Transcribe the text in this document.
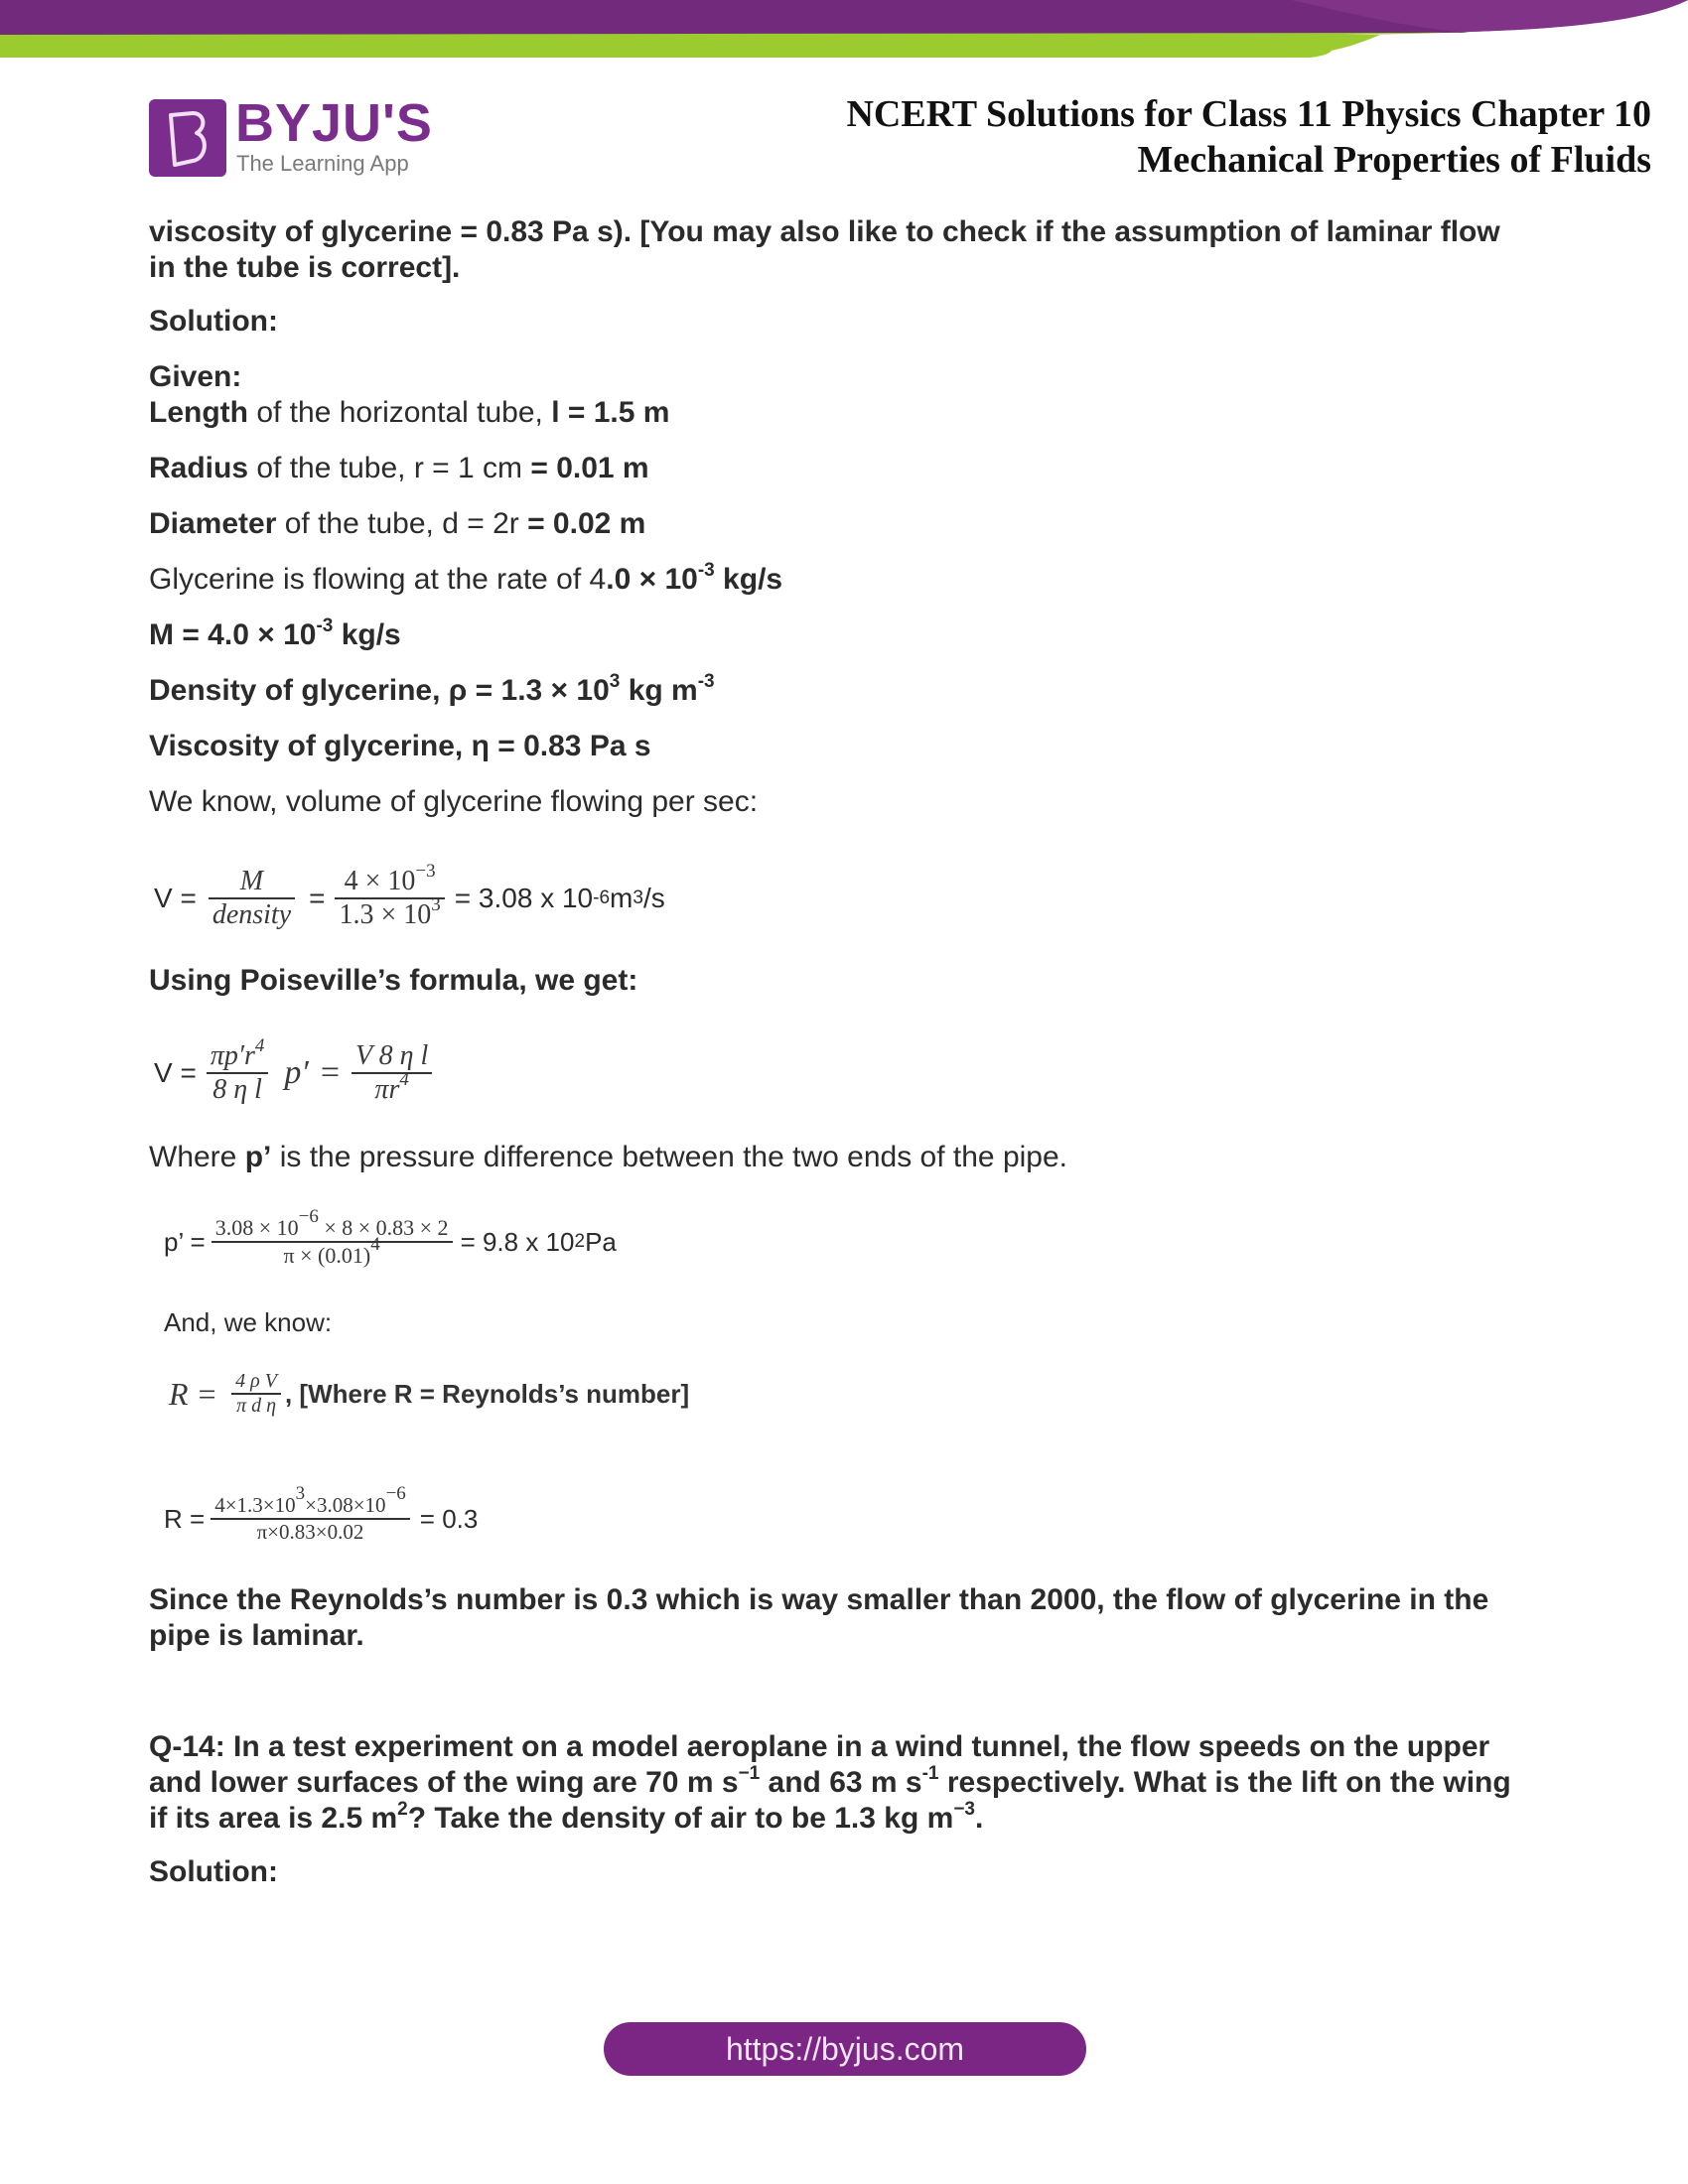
BYJU'S
The Learning App
NCERT Solutions for Class 11 Physics Chapter 10
Mechanical Properties of Fluids
viscosity of glycerine = 0.83 Pa s). [You may also like to check if the assumption of laminar flow
in the tube is correct].
Solution:
Given:
Length of the horizontal tube, l = 1.5 m
Radius of the tube, r = 1 cm = 0.01 m
Diameter of the tube, d = 2r = 0.02 m
Glycerine is flowing at the rate of $4.0 \times 10^{-3}$ kg/s
$M = 4.0 \times 10^{-3}$ kg/s
Density of glycerine, $\rho = 1.3 \times 10^3$ kg $m^{-3}$
Viscosity of glycerine, η = 0.83 Pa s
We know, volume of glycerine flowing per sec:
$V = \frac{M}{\text{density}} = \frac{4 \times 10^{-3}}{1.3 \times 10^3} = 3.08$ x 10 -6 m 3 /s
Using Poiseville’s formula, we get:
$V = \frac{\pi p'r^4}{\text{8 η l}} p' = \frac{\text{V 8 η l}}{\pi r^4}$
Where p’ is the pressure difference between the two ends of the pipe.
p’ = $\frac{3.08 \times 10^{-6} \times 8 \times 0.83 \times 2}{\pi \times (0.01)^4} = 9.8$ x 10 2 Pa
And, we know:
$R = \frac{\text{4 ρ V}}{\text{π d η}}$ , [Where R = Reynolds’s number]
$R = \frac{4\times 1.3\times 10^3\times 3.08\times 10^{-6}}{\pi\times 0.83\times 0.02} = 0.3$
Since the Reynolds’s number is 0.3 which is way smaller than 2000, the flow of glycerine in the
pipe is laminar.
Q-14: In a test experiment on a model aeroplane in a wind tunnel, the flow speeds on the upper
and lower surfaces of the wing are 70 m $s^{-1}$ and 63 m $s^{-1}$ respectively. What is the lift on the wing
if its area is 2.5 $m^2$? Take the density of air to be 1.3 kg $m^{-3}$.
Solution:
https://byjus.com
